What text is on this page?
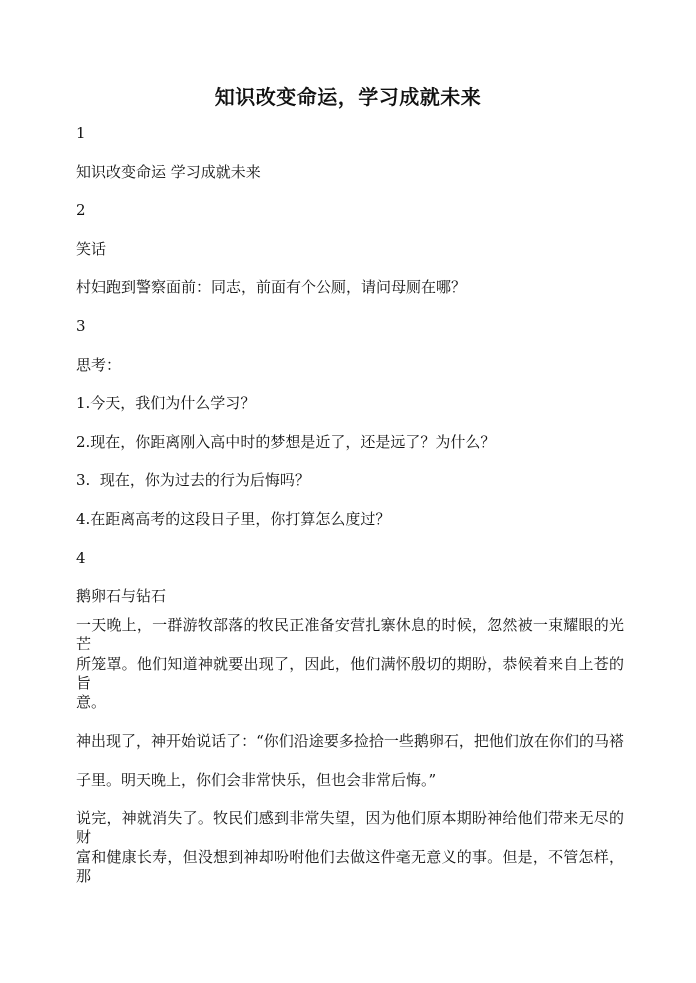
知识改变命运，学习成就未来
1
知识改变命运 学习成就未来
2
笑话
村妇跑到警察面前：同志，前面有个公厕，请问母厕在哪？
3
思考：
1.今天，我们为什么学习？
2.现在，你距离刚入高中时的梦想是近了，还是远了？为什么？
3.  现在，你为过去的行为后悔吗？
4.在距离高考的这段日子里，你打算怎么度过？
4
鹅卵石与钻石
一天晚上，一群游牧部落的牧民正准备安营扎寨休息的时候，忽然被一束耀眼的光芒
所笼罩。他们知道神就要出现了，因此，他们满怀殷切的期盼，恭候着来自上苍的旨
意。
神出现了，神开始说话了：“你们沿途要多捡拾一些鹅卵石，把他们放在你们的马褡
子里。明天晚上，你们会非常快乐，但也会非常后悔。”
说完，神就消失了。牧民们感到非常失望，因为他们原本期盼神给他们带来无尽的财
富和健康长寿，但没想到神却吩咐他们去做这件毫无意义的事。但是，不管怎样，那
